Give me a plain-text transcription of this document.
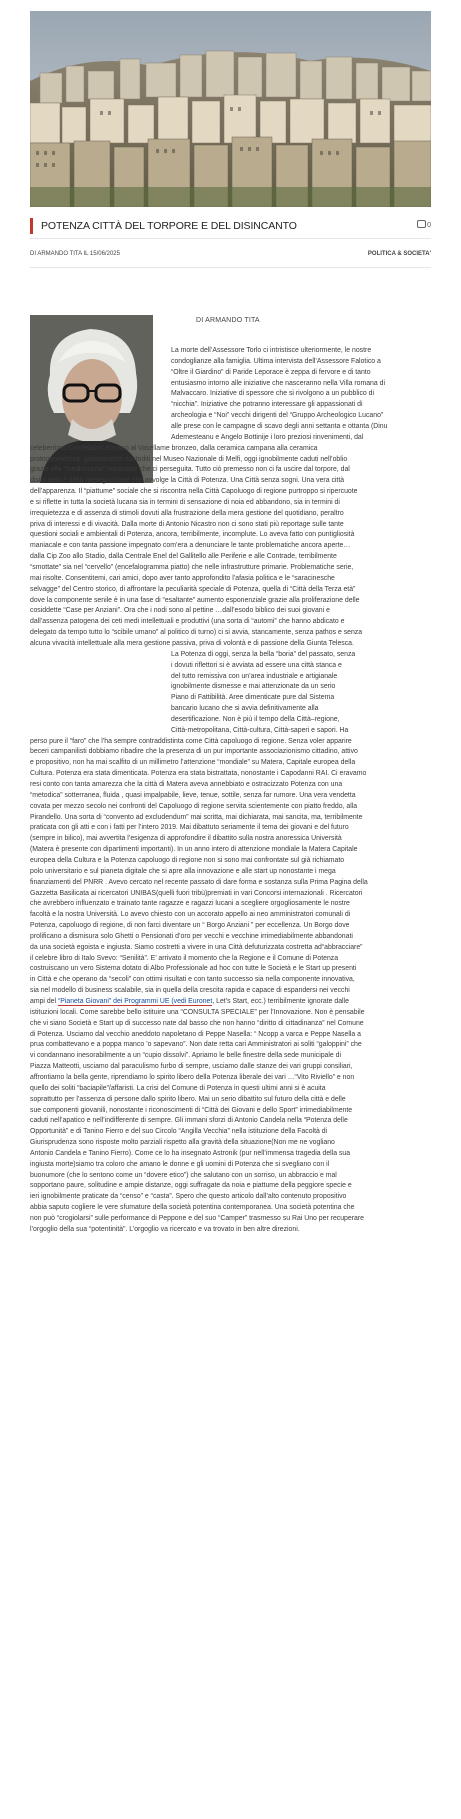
POTENZA CITTÀ DEL TORPORE E DEL DISINCANTO	0
DI ARMANDO TITA IL 15/06/2025	POLITICA & SOCIETA'
DI ARMANDO TITA
La morte dell’Assessore Torlo ci intristisce ulteriormente, le nostre
condoglianze alla famiglia. Ultima intervista dell’Assessore Falotico a
“Oltre il Giardino” di Paride Leporace è zeppa di fervore e di tanto
entusiasmo intorno alle iniziative che nasceranno nella Villa romana di
Malvaccaro. Iniziative di spessore che si rivolgono a un pubblico di
“nicchia”. Iniziative che potranno interessare gli appassionati di
archeologia e “Noi” vecchi dirigenti del “Gruppo Archeologico Lucano”
alle prese con le campagne di scavo degli anni settanta e ottanta (Dinu
Ademesteanu e Angelo Bottinije i loro preziosi rinvenimenti, dal
celeberrimo Candelabro Etrusco al Vasellame bronzeo, dalla ceramica campana alla ceramica
protogeometrica, gelosamente custoditi nel Museo Nazionale di Melfi, oggi ignobilmente caduti nell’oblio
grazie alla “mediocrazia” imperante che ci perseguita. Tutto ciò premesso non ci fa uscire dal torpore, dal
disincanto e dalla rassegnazione che avvolge la Città di Potenza. Una Città senza sogni. Una vera città
dell’apparenza. Il “piattume” sociale che si riscontra nella Città Capoluogo di regione purtroppo si ripercuote
e si riflette in tutta la società lucana sia in termini di sensazione di noia ed abbandono, sia in termini di
irrequietezza e di assenza di stimoli dovuti alla frustrazione della mera gestione del quotidiano, peraltro
priva di interessi e di vivacità. Dalla morte di Antonio Nicastro non ci sono stati più reportage sulle tante
questioni sociali e ambientali di Potenza, ancora, terribilmente, incomplute. Lo aveva fatto con puntigliosità
maniacale e con tanta passione impegnato com’era a denunciare le tante problematiche ancora aperte…
dalla Cip Zoo allo Stadio, dalla Centrale Enel del Gallitello alle Periferie e alle Contrade, terribilmente
“smottate” sia nel “cervello” (encefalogramma piatto) che nelle infrastrutture primarie. Problematiche serie,
mai risolte. Consentitemi, cari amici, dopo aver tanto approfondito l’afasia politica e le “saracinesche
selvagge” del Centro storico, di affrontare la peculiarità speciale di Potenza, quella di “Città della Terza età”
dove la componente senile è in una fase di “esaltante” aumento esponenziale grazie alla proliferazione delle
cosiddette “Case per Anziani”. Ora che i nodi sono al pettine …dall’esodo biblico dei suoi giovani e
dall’assenza patogena dei ceti medi intellettuali e produttivi (una sorta di “automi” che hanno abdicato e
delegato da tempo tutto lo “scibile umano” al politico di turno) ci si avvia, stancamente, senza pathos e senza
alcuna vivacità intellettuale alla mera gestione passiva, priva di volontà e di passione della Giunta Telesca.
La Potenza di oggi, senza la bella “boria” del passato, senza
i dovuti riflettori si è avviata ad essere una città stanca e
del tutto remissiva con un’area industriale e artigianale
ignobilmente dismesse e mai attenzionate da un serio
Piano di Fattibilità. Aree dimenticate pure dal Sistema
bancario lucano che si avvia definitivamente alla
desertificazione. Non è più il tempo della Città–regione,
Città-metropolitana, Città-cultura, Città-saperi e sapori. Ha
perso pure il “faro” che l’ha sempre contraddistinta come Città capoluogo di regione. Senza voler apparire
beceri campanilisti dobbiamo ribadire che la presenza di un pur importante associazionismo cittadino, attivo
e propositivo, non ha mai scalfito di un millimetro l’attenzione “mondiale” su Matera, Capitale europea della
Cultura. Potenza era stata dimenticata. Potenza era stata bistrattata, nonostante i Capodanni RAI. Ci eravamo
resi conto con tanta amarezza che la città di Matera aveva annebbiato e ostracizzato Potenza con una
“metodica” sotterranea, fluida , quasi impalpabile, lieve, tenue, sottile, senza far rumore. Una vera vendetta
covata per mezzo secolo nei confronti del Capoluogo di regione servita scientemente con piatto freddo, alla
Pirandello. Una sorta di “convento ad excludendum” mai scritta, mai dichiarata, mai sancita, ma, terribilmente
praticata con gli atti e con i fatti per l’intero 2019. Mai dibattuto seriamente il tema dei giovani e del futuro
(sempre in bilico), mai avvertita l’esigenza di approfondire il dibattito sulla nostra anoressica Università
(Matera è presente con dipartimenti importanti). In un anno intero di attenzione mondiale la Matera Capitale
europea della Cultura e la Potenza capoluogo di regione non si sono mai confrontate sul già richiamato
polo universitario e sul pianeta digitale che si apre alla innovazione e alle start up nonostante i mega
finanziamenti del PNRR . Avevo cercato nel recente passato di dare forma e sostanza sulla Prima Pagina della
Gazzetta Basilicata ai ricercatori UNIBAS(quelli fuori tribù)premiati in vari Concorsi internazionali . Ricercatori
che avrebbero influenzato e trainato tante ragazze e ragazzi lucani a scegliere orgogliosamente le nostre
facoltà e la nostra Università. Lo avevo chiesto con un accorato appello ai neo amministratori comunali di
Potenza, capoluogo di regione, di non farci diventare un “ Borgo Anziani ” per eccellenza. Un Borgo dove
prolificano a dismisura solo Ghetti o Pensionati d’oro per vecchi e vecchine irrimediabilmente abbandonati
da una società egoista e ingiusta. Siamo costretti a vivere in una Città defuturizzata costretta ad“abbracciare”
il celebre libro di Italo Svevo: “Senilità”. E’ arrivato il momento che la Regione e il Comune di Potenza
costruiscano un vero Sistema dotato di Albo Professionale ad hoc con tutte le Società e le Start up presenti
in Città e che operano da “secoli” con ottimi risultati e con tanto successo sia nella componente innovativa,
sia nel modello di business scalabile, sia in quella della crescita rapida e capace di espandersi nei vecchi
ampi del “Pianeta Giovani” dei Programmi UE (vedi Euronet, Let’s Start, ecc.) terribilmente ignorate dalle
istituzioni locali. Come sarebbe bello istituire una “CONSULTA SPECIALE” per l’Innovazione. Non è pensabile
che vi siano Società e Start up di successo nate dal basso che non hanno “diritto di cittadinanza” nel Comune
di Potenza. Usciamo dal vecchio aneddoto napoletano di Peppe Nasella: “ Ncopp a varca e Peppe Nasella a
prua combattevano e a poppa manco ’o sapevano”. Non date retta cari Amministratori ai soliti “galoppini” che
vi condannano inesorabilmente a un “cupio dissolvi”. Apriamo le belle finestre della sede municipale di
Piazza Matteotti, usciamo dal paraculismo furbo di sempre, usciamo dalle stanze dei vari gruppi consiliari,
affrontiamo la bella gente, riprendiamo lo spirito libero della Potenza liberale dei vari …“Vito Riviello” e non
quello dei soliti “baciapile”/affaristi. La crisi del Comune di Potenza in questi ultimi anni si è acuita
soprattutto per l’assenza di persone dallo spirito libero. Mai un serio dibattito sul futuro della città e delle
sue componenti giovanili, nonostante i riconoscimenti di “Città dei Giovani e dello Sport” irrimediabilmente
caduti nell’apatico e nell’indifferente di sempre. Gli immani sforzi di Antonio Candela nella “Potenza delle
Opportunità” e di Tanino Fierro e del suo Circolo “Angilla Vecchia” nella istituzione della Facoltà di
Giurisprudenza sono risposte molto parziali rispetto alla gravità della situazione(Non me ne vogliano
Antonio Candela e Tanino Fierro). Come ce lo ha insegnato Astronik (pur nell’immensa tragedia della sua
ingiusta morte)siamo tra coloro che amano le donne e gli uomini di Potenza che si svegliano con il
buonumore (che lo sentono come un “dovere etico”) che salutano con un sorriso, un abbraccio e mal
sopportano paure, solitudine e ampie distanze, oggi suffragate da noia e piattume della peggiore specie e
ieri ignobilmente praticate da “censo” e “casta”. Spero che questo articolo dall’alto contenuto propositivo
abbia saputo cogliere le vere sfumature della società potentina contemporanea. Una società potentina che
non può “crogiolarsi” sulle performance di Peppone e del suo “Camper” trasmesso su Rai Uno per recuperare
l’orgoglio della sua “potentinità”. L’orgoglio va ricercato e va trovato in ben altre direzioni.
